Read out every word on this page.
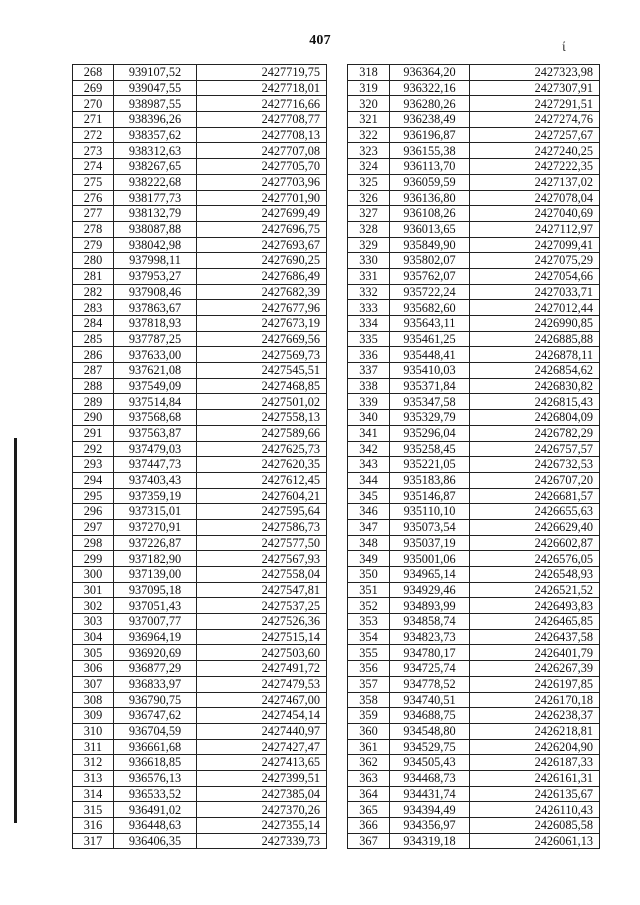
407	ί
268	939107,52	2427719,75
269	939047,55	2427718,01
270	938987,55	2427716,66
271	938396,26	2427708,77
272	938357,62	2427708,13
273	938312,63	2427707,08
274	938267,65	2427705,70
275	938222,68	2427703,96
276	938177,73	2427701,90
277	938132,79	2427699,49
278	938087,88	2427696,75
279	938042,98	2427693,67
280	937998,11	2427690,25
281	937953,27	2427686,49
282	937908,46	2427682,39
283	937863,67	2427677,96
284	937818,93	2427673,19
285	937787,25	2427669,56
286	937633,00	2427569,73
287	937621,08	2427545,51
288	937549,09	2427468,85
289	937514,84	2427501,02
290	937568,68	2427558,13
291	937563,87	2427589,66
292	937479,03	2427625,73
293	937447,73	2427620,35
294	937403,43	2427612,45
295	937359,19	2427604,21
296	937315,01	2427595,64
297	937270,91	2427586,73
298	937226,87	2427577,50
299	937182,90	2427567,93
300	937139,00	2427558,04
301	937095,18	2427547,81
302	937051,43	2427537,25
303	937007,77	2427526,36
304	936964,19	2427515,14
305	936920,69	2427503,60
306	936877,29	2427491,72
307	936833,97	2427479,53
308	936790,75	2427467,00
309	936747,62	2427454,14
310	936704,59	2427440,97
311	936661,68	2427427,47
312	936618,85	2427413,65
313	936576,13	2427399,51
314	936533,52	2427385,04
315	936491,02	2427370,26
316	936448,63	2427355,14
317	936406,35	2427339,73
318	936364,20	2427323,98
319	936322,16	2427307,91
320	936280,26	2427291,51
321	936238,49	2427274,76
322	936196,87	2427257,67
323	936155,38	2427240,25
324	936113,70	2427222,35
325	936059,59	2427137,02
326	936136,80	2427078,04
327	936108,26	2427040,69
328	936013,65	2427112,97
329	935849,90	2427099,41
330	935802,07	2427075,29
331	935762,07	2427054,66
332	935722,24	2427033,71
333	935682,60	2427012,44
334	935643,11	2426990,85
335	935461,25	2426885,88
336	935448,41	2426878,11
337	935410,03	2426854,62
338	935371,84	2426830,82
339	935347,58	2426815,43
340	935329,79	2426804,09
341	935296,04	2426782,29
342	935258,45	2426757,57
343	935221,05	2426732,53
344	935183,86	2426707,20
345	935146,87	2426681,57
346	935110,10	2426655,63
347	935073,54	2426629,40
348	935037,19	2426602,87
349	935001,06	2426576,05
350	934965,14	2426548,93
351	934929,46	2426521,52
352	934893,99	2426493,83
353	934858,74	2426465,85
354	934823,73	2426437,58
355	934780,17	2426401,79
356	934725,74	2426267,39
357	934778,52	2426197,85
358	934740,51	2426170,18
359	934688,75	2426238,37
360	934548,80	2426218,81
361	934529,75	2426204,90
362	934505,43	2426187,33
363	934468,73	2426161,31
364	934431,74	2426135,67
365	934394,49	2426110,43
366	934356,97	2426085,58
367	934319,18	2426061,13
